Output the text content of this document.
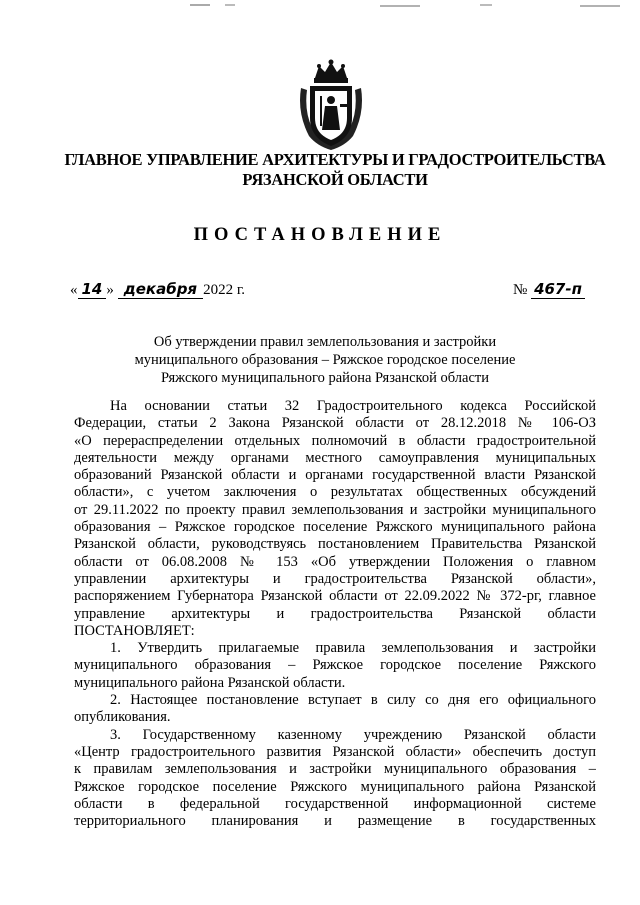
ГЛАВНОЕ УПРАВЛЕНИЕ АРХИТЕКТУРЫ И ГРАДОСТРОИТЕЛЬСТВА
РЯЗАНСКОЙ ОБЛАСТИ
ПОСТАНОВЛЕНИЕ
« 14 » декабря 2022 г.	№ 467-п
Об утверждении правил землепользования и застройки
муниципального образования – Ряжское городское поселение
Ряжского муниципального района Рязанской области
На основании статьи 32 Градостроительного кодекса Российской
Федерации, статьи 2 Закона Рязанской области от 28.12.2018 № 106-ОЗ
«О перераспределении отдельных полномочий в области градостроительной
деятельности между органами местного самоуправления муниципальных
образований Рязанской области и органами государственной власти Рязанской
области», с учетом заключения о результатах общественных обсуждений
от 29.11.2022 по проекту правил землепользования и застройки муниципального
образования – Ряжское городское поселение Ряжского муниципального района
Рязанской области, руководствуясь постановлением Правительства Рязанской
области от 06.08.2008 № 153 «Об утверждении Положения о главном
управлении архитектуры и градостроительства Рязанской области»,
распоряжением Губернатора Рязанской области от 22.09.2022 № 372-рг, главное
управление архитектуры и градостроительства Рязанской области
ПОСТАНОВЛЯЕТ:
1. Утвердить прилагаемые правила землепользования и застройки
муниципального образования – Ряжское городское поселение Ряжского
муниципального района Рязанской области.
2. Настоящее постановление вступает в силу со дня его официального
опубликования.
3. Государственному казенному учреждению Рязанской области
«Центр градостроительного развития Рязанской области» обеспечить доступ
к правилам землепользования и застройки муниципального образования –
Ряжское городское поселение Ряжского муниципального района Рязанской
области в федеральной государственной информационной системе
территориального планирования и размещение в государственных
